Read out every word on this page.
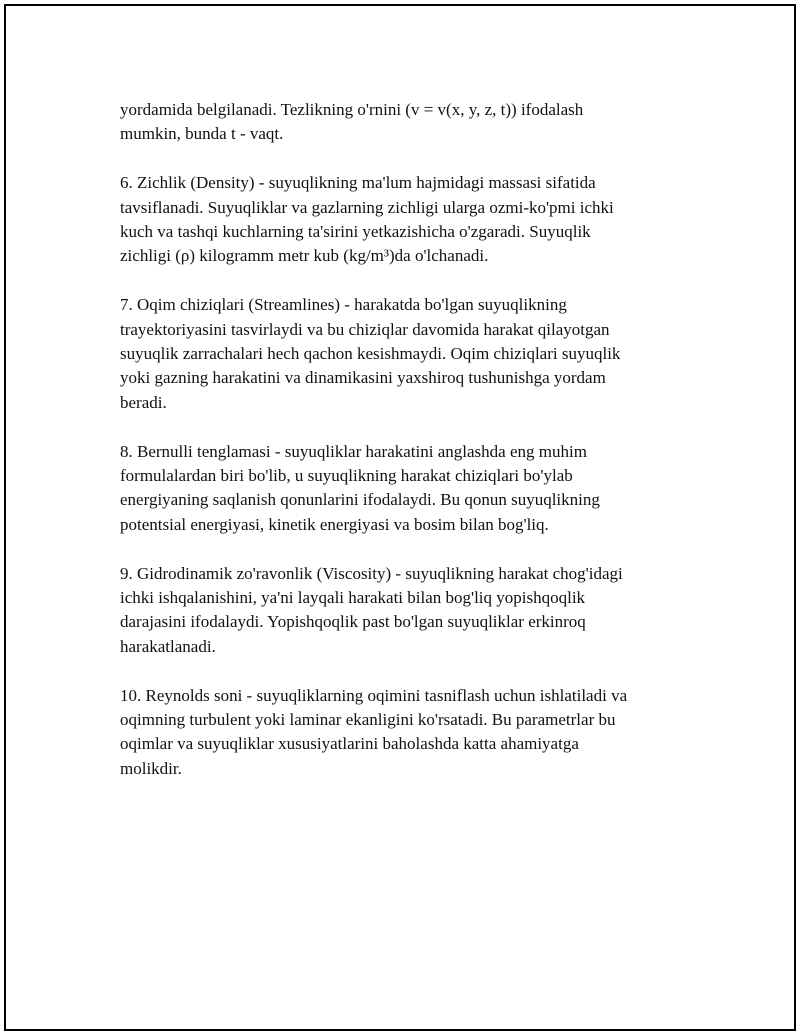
yordamida belgilanadi. Tezlikning o'rnini (v = v(x, y, z, t)) ifodalash
mumkin, bunda t - vaqt.

6. Zichlik (Density) - suyuqlikning ma'lum hajmidagi massasi sifatida
tavsiflanadi. Suyuqliklar va gazlarning zichligi ularga ozmi-ko'pmi ichki
kuch va tashqi kuchlarning ta'sirini yetkazishicha o'zgaradi. Suyuqlik
zichligi (ρ) kilogramm metr kub (kg/m³)da o'lchanadi.

7. Oqim chiziqlari (Streamlines) - harakatda bo'lgan suyuqlikning
trayektoriyasini tasvirlaydi va bu chiziqlar davomida harakat qilayotgan
suyuqlik zarrachalari hech qachon kesishmaydi. Oqim chiziqlari suyuqlik
yoki gazning harakatini va dinamikasini yaxshiroq tushunishga yordam
beradi.

8. Bernulli tenglamasi - suyuqliklar harakatini anglashda eng muhim
formulalardan biri bo'lib, u suyuqlikning harakat chiziqlari bo'ylab
energiyaning saqlanish qonunlarini ifodalaydi. Bu qonun suyuqlikning
potentsial energiyasi, kinetik energiyasi va bosim bilan bog'liq.

9. Gidrodinamik zo'ravonlik (Viscosity) - suyuqlikning harakat chog'idagi
ichki ishqalanishini, ya'ni layqali harakati bilan bog'liq yopishqoqlik
darajasini ifodalaydi. Yopishqoqlik past bo'lgan suyuqliklar erkinroq
harakatlanadi.

10. Reynolds soni - suyuqliklarning oqimini tasniflash uchun ishlatiladi va
oqimning turbulent yoki laminar ekanligini ko'rsatadi. Bu parametrlar bu
oqimlar va suyuqliklar xususiyatlarini baholashda katta ahamiyatga
molikdir.
